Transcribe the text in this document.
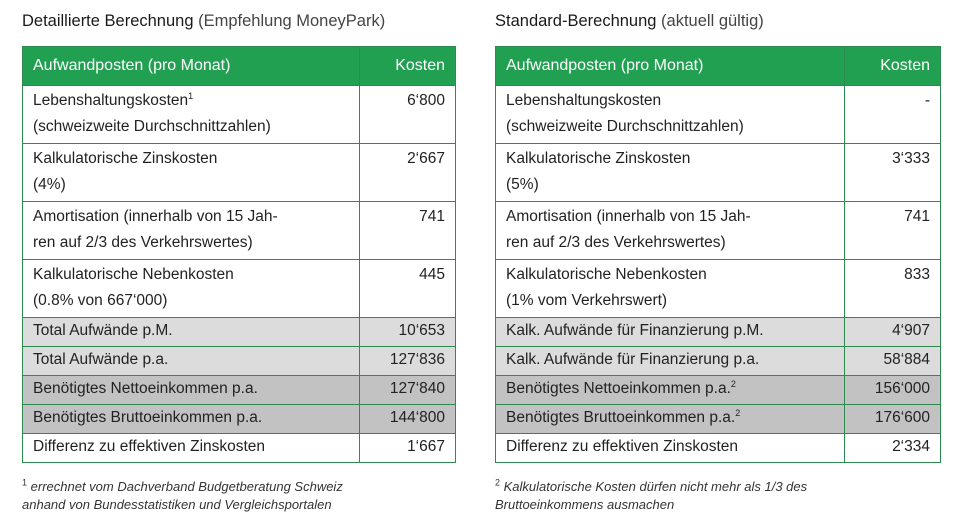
Detaillierte Berechnung (Empfehlung MoneyPark)
Aufwandposten (pro Monat)	Kosten
Lebenshaltungskosten$^1$
(schweizweite Durchschnittzahlen)	6‘800
Kalkulatorische Zinskosten
(4%)	2‘667
Amortisation (innerhalb von 15 Jah-
ren auf 2/3 des Verkehrswertes)	741
Kalkulatorische Nebenkosten
(0.8% von 667‘000)	445
Total Aufwände p.M.	10‘653
Total Aufwände p.a.	127‘836
Benötigtes Nettoeinkommen p.a.	127‘840
Benötigtes Bruttoeinkommen p.a.	144‘800
Differenz zu effektiven Zinskosten	1‘667
$^1$ errechnet vom Dachverband Budgetberatung Schweiz
anhand von Bundesstatistiken und Vergleichsportalen
Standard-Berechnung (aktuell gültig)
Aufwandposten (pro Monat)	Kosten
Lebenshaltungskosten
(schweizweite Durchschnittzahlen)	-
Kalkulatorische Zinskosten
(5%)	3‘333
Amortisation (innerhalb von 15 Jah-
ren auf 2/3 des Verkehrswertes)	741
Kalkulatorische Nebenkosten
(1% vom Verkehrswert)	833
Kalk. Aufwände für Finanzierung p.M.	4‘907
Kalk. Aufwände für Finanzierung p.a.	58‘884
Benötigtes Nettoeinkommen p.a.$^2$	156‘000
Benötigtes Bruttoeinkommen p.a.$^2$	176‘600
Differenz zu effektiven Zinskosten	2‘334
$^2$ Kalkulatorische Kosten dürfen nicht mehr als 1/3 des
Bruttoeinkommens ausmachen
